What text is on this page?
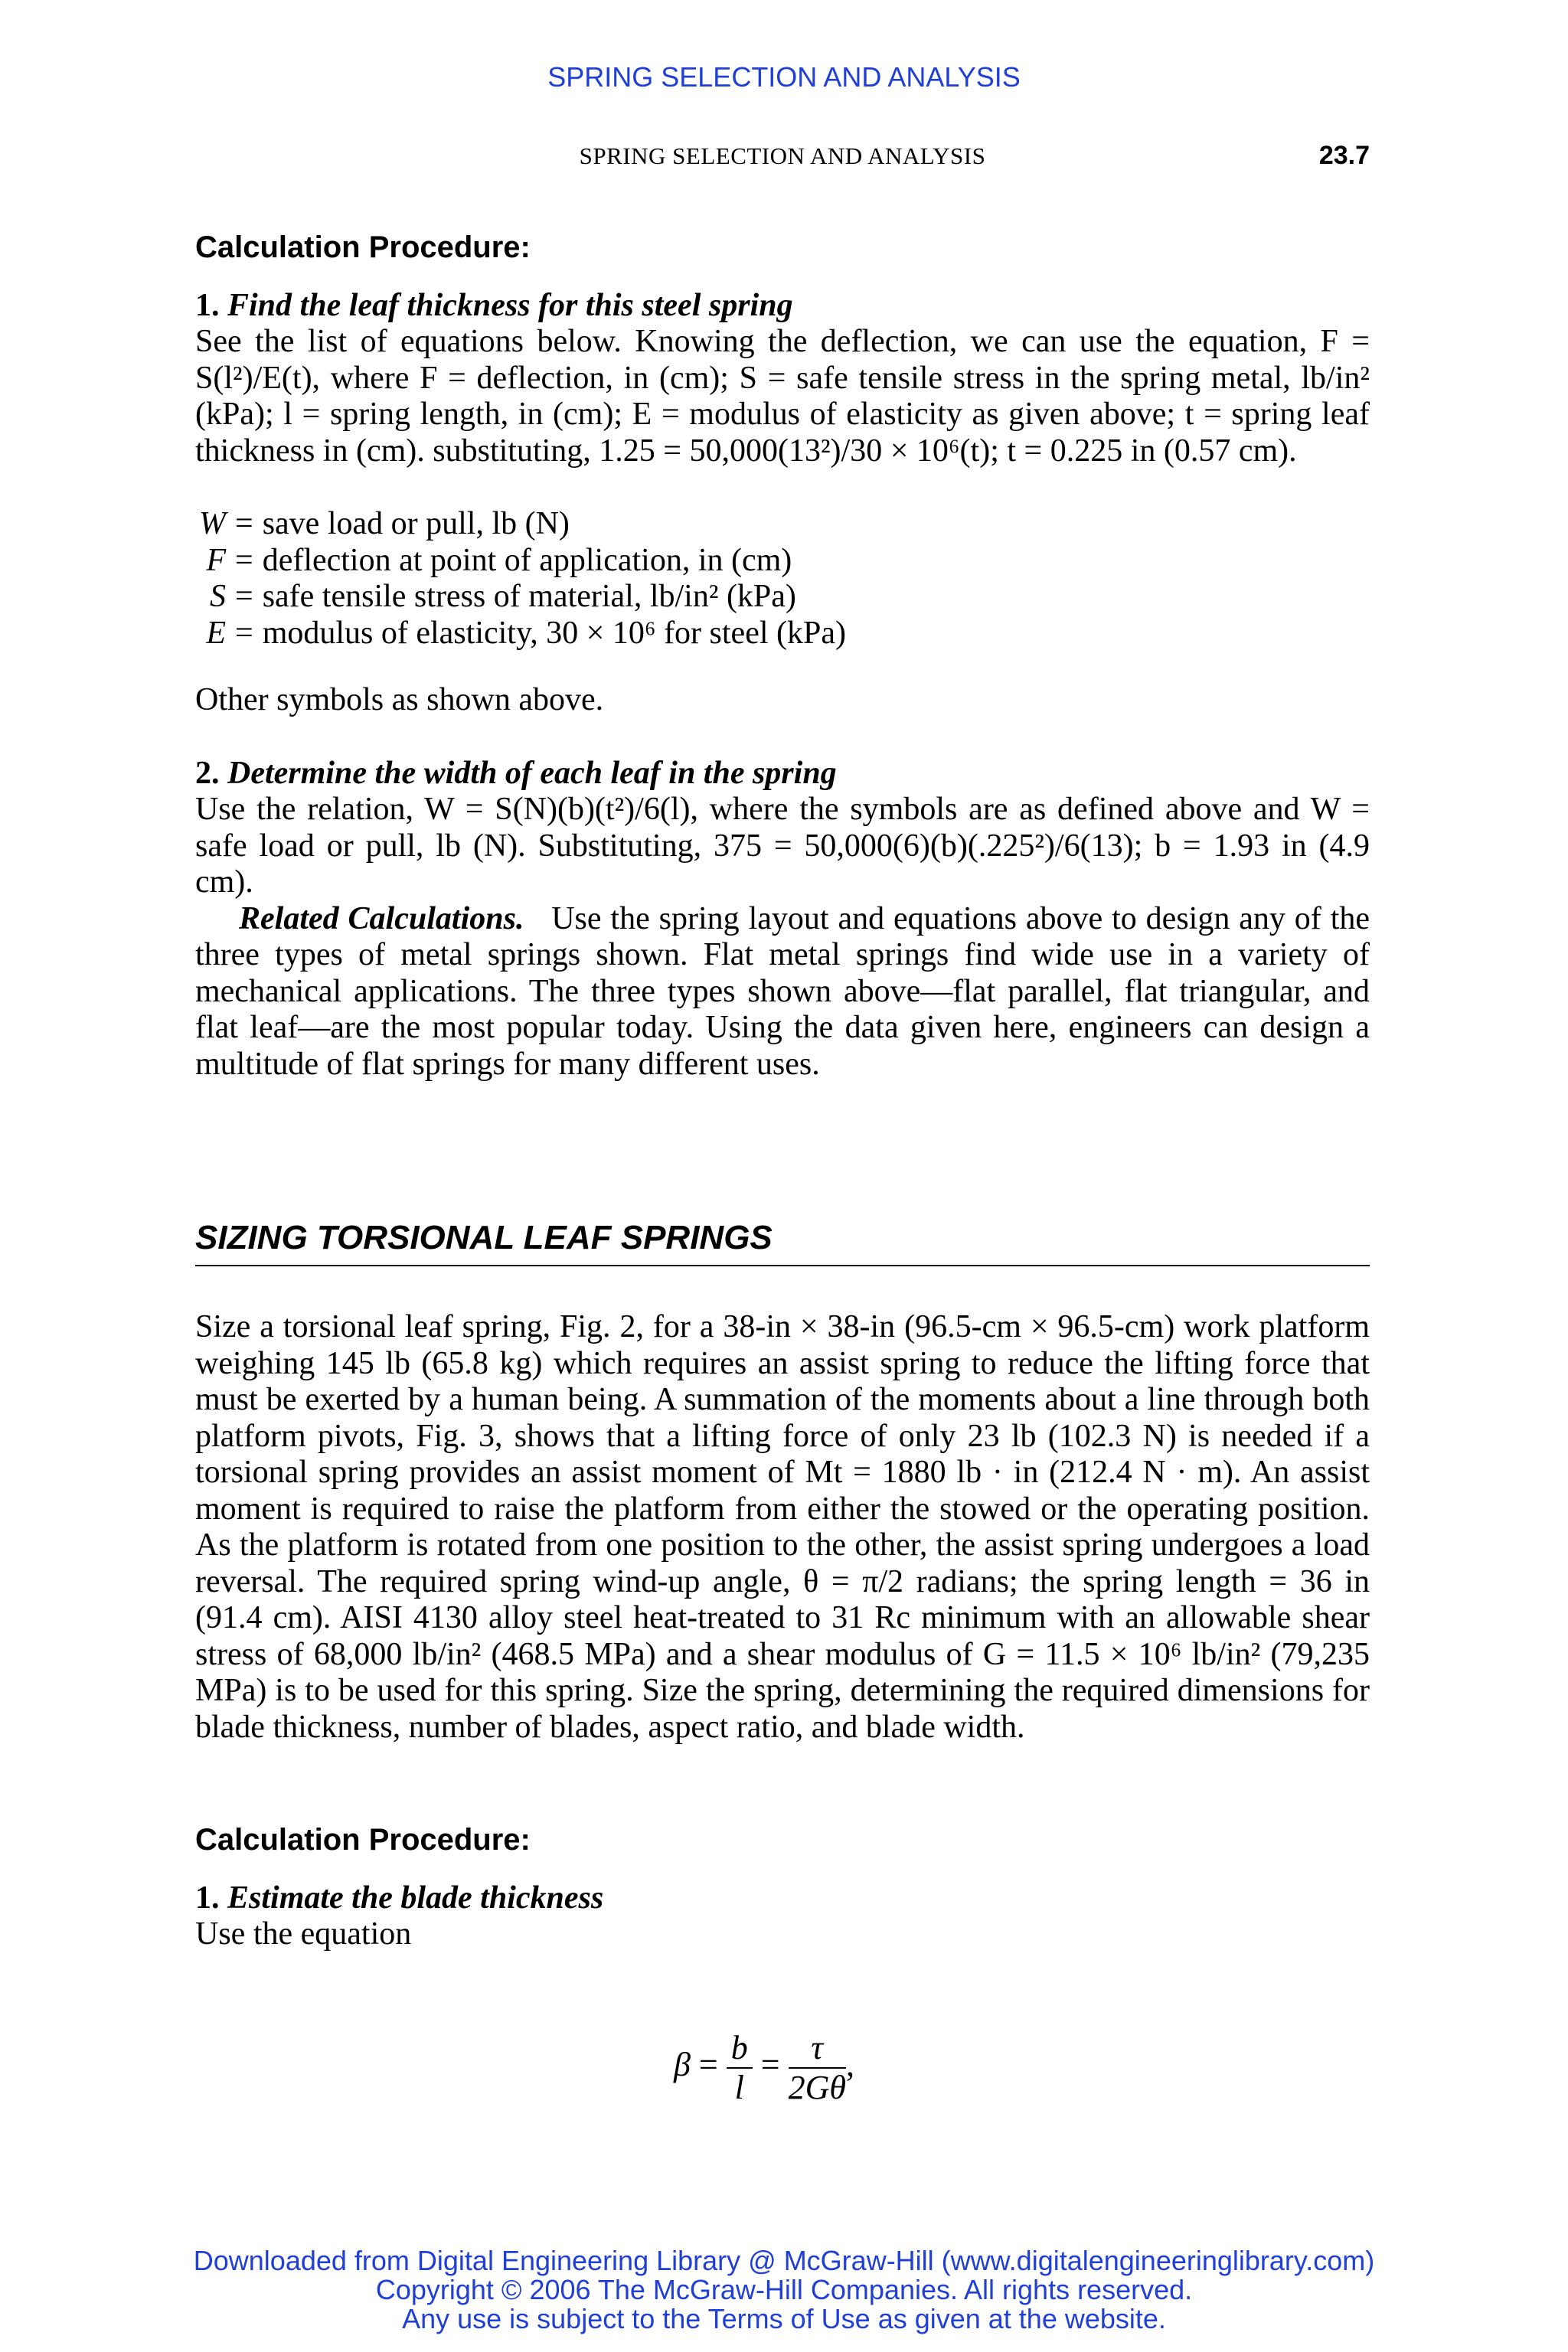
SPRING SELECTION AND ANALYSIS
SPRING SELECTION AND ANALYSIS	23.7
Calculation Procedure:

1. Find the leaf thickness for this steel spring
See the list of equations below. Knowing the deflection, we can use the equation, F = S(l²)/E(t), where F = deflection, in (cm); S = safe tensile stress in the spring metal, lb/in² (kPa); l = spring length, in (cm); E = modulus of elasticity as given above; t = spring leaf thickness in (cm). substituting, 1.25 = 50,000(13²)/30 × 10⁶(t); t = 0.225 in (0.57 cm).

W = save load or pull, lb (N)
F = deflection at point of application, in (cm)
S = safe tensile stress of material, lb/in² (kPa)
E = modulus of elasticity, 30 × 10⁶ for steel (kPa)

Other symbols as shown above.

2. Determine the width of each leaf in the spring
Use the relation, W = S(N)(b)(t²)/6(l), where the symbols are as defined above and W = safe load or pull, lb (N). Substituting, 375 = 50,000(6)(b)(.225²)/6(13); b = 1.93 in (4.9 cm).

Related Calculations. Use the spring layout and equations above to design any of the three types of metal springs shown. Flat metal springs find wide use in a variety of mechanical applications. The three types shown above—flat parallel, flat triangular, and flat leaf—are the most popular today. Using the data given here, engineers can design a multitude of flat springs for many different uses.

SIZING TORSIONAL LEAF SPRINGS

Size a torsional leaf spring, Fig. 2, for a 38-in × 38-in (96.5-cm × 96.5-cm) work platform weighing 145 lb (65.8 kg) which requires an assist spring to reduce the lifting force that must be exerted by a human being. A summation of the moments about a line through both platform pivots, Fig. 3, shows that a lifting force of only 23 lb (102.3 N) is needed if a torsional spring provides an assist moment of Mt = 1880 lb · in (212.4 N · m). An assist moment is required to raise the platform from either the stowed or the operating position. As the platform is rotated from one position to the other, the assist spring undergoes a load reversal. The required spring wind-up angle, θ = π/2 radians; the spring length = 36 in (91.4 cm). AISI 4130 alloy steel heat-treated to 31 Rc minimum with an allowable shear stress of 68,000 lb/in² (468.5 MPa) and a shear modulus of G = 11.5 × 10⁶ lb/in² (79,235 MPa) is to be used for this spring. Size the spring, determining the required dimensions for blade thickness, number of blades, aspect ratio, and blade width.

Calculation Procedure:

1. Estimate the blade thickness
Use the equation

$\beta = \frac{b}{l} = \frac{\tau}{2G\theta}$ ,
Downloaded from Digital Engineering Library @ McGraw-Hill (www.digitalengineeringlibrary.com)
Copyright © 2006 The McGraw-Hill Companies. All rights reserved.
Any use is subject to the Terms of Use as given at the website.
